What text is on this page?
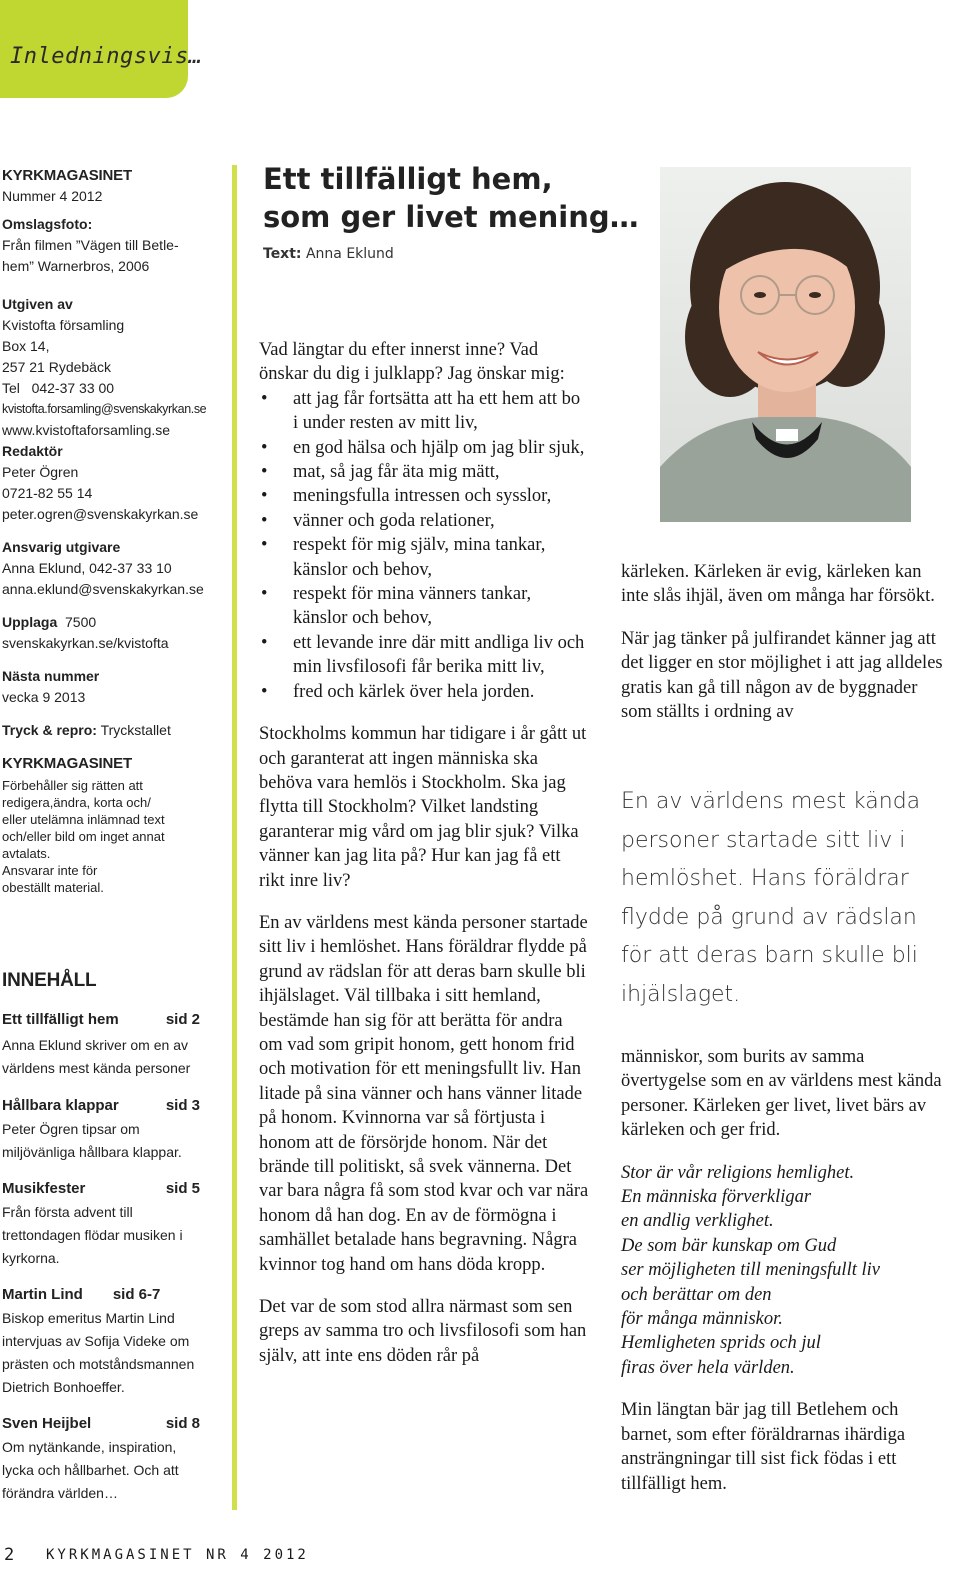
Inledningsvis…

KYRKMAGASINET

Nummer 4 2012

Omslagsfoto:

Från filmen ”Vägen till Betle-

hem” Warnerbros, 2006

Utgiven av

Kvistofta församling

Box 14,

257 21 Rydebäck

Tel   042-37 33 00

kvistofta.forsamling@svenskakyrkan.se

www.kvistoftaforsamling.se

Redaktör

Peter Ögren

0721-82 55 14

peter.ogren@svenskakyrkan.se

Ansvarig utgivare

Anna Eklund, 042-37 33 10

anna.eklund@svenskakyrkan.se

Upplaga 7500

svenskakyrkan.se/kvistofta

Nästa nummer

vecka 9 2013

Tryck & repro: Tryckstallet

KYRKMAGASINET

Förbehåller sig rätten att

redigera,ändra, korta och/

eller utelämna inlämnad text

och/eller bild om inget annat

avtalats.

Ansvarar inte för

obeställt material.

INNEHÅLL

Ett tillfälligt hem	sid 2

Anna Eklund skriver om en av

världens mest kända personer

Hållbara klappar	sid 3

Peter Ögren tipsar om

miljövänliga hållbara klappar.

Musikfester	sid 5

Från första advent till

trettondagen flödar musiken i

kyrkorna.

Martin Lind sid 6-7

Biskop emeritus Martin Lind

intervjuas av Sofija Videke om

prästen och motståndsmannen

Dietrich Bonhoeffer.

Sven Heijbel	sid 8

Om nytänkande, inspiration,

lycka och hållbarhet. Och att

förändra världen…

Ett tillfälligt hem,
som ger livet mening…
Text: Anna Eklund

Vad längtar du efter innerst inne? Vad önskar du dig i julklapp? Jag önskar mig:

• att jag får fortsätta att ha ett hem att bo i under resten av mitt liv,
• en god hälsa och hjälp om jag blir sjuk,
• mat, så jag får äta mig mätt,
• meningsfulla intressen och sysslor,
• vänner och goda relationer,
• respekt för mig själv, mina tankar, känslor och behov,
• respekt för mina vänners tankar, känslor och behov,
• ett levande inre där mitt andliga liv och min livsfilosofi får berika mitt liv,
• fred och kärlek över hela jorden.

Stockholms kommun har tidigare i år gått ut och garanterat att ingen människa ska behöva vara hemlös i Stockholm. Ska jag flytta till Stockholm? Vilket landsting garanterar mig vård om jag blir sjuk? Vilka vänner kan jag lita på? Hur kan jag få ett rikt inre liv?

En av världens mest kända personer startade sitt liv i hemlöshet. Hans föräldrar flydde på grund av rädslan för att deras barn skulle bli ihjälslaget. Väl tillbaka i sitt hemland, bestämde han sig för att berätta för andra om vad som gripit honom, gett honom frid och motivation för ett meningsfullt liv. Han litade på sina vänner och hans vänner litade på honom. Kvinnorna var så förtjusta i honom att de försörjde honom. När det brände till politiskt, så svek vännerna. Det var bara några få som stod kvar och var nära honom då han dog. En av de förmögna i samhället betalade hans begravning. Några kvinnor tog hand om hans döda kropp.

Det var de som stod allra närmast som sen greps av samma tro och livsfilosofi som han själv, att inte ens döden rår på

kärleken. Kärleken är evig, kärleken kan inte slås ihjäl, även om många har försökt.

När jag tänker på julfirandet känner jag att det ligger en stor möjlighet i att jag alldeles gratis kan gå till någon av de byggnader som ställts i ordning av

En av världens mest kända personer startade sitt liv i hemlöshet. Hans föräldrar flydde på grund av rädslan för att deras barn skulle bli ihjälslaget.

människor, som burits av samma övertygelse som en av världens mest kända personer. Kärleken ger livet, livet bärs av kärleken och ger frid.

Stor är vår religions hemlighet.
En människa förverkligar
en andlig verklighet.
De som bär kunskap om Gud
ser möjligheten till meningsfullt liv
och berättar om den
för många människor.
Hemligheten sprids och jul
firas över hela världen.

Min längtan bär jag till Betlehem och barnet, som efter föräldrarnas ihärdiga ansträngningar till sist fick födas i ett tillfälligt hem.

2 KYRKMAGASINET NR 4 2012
